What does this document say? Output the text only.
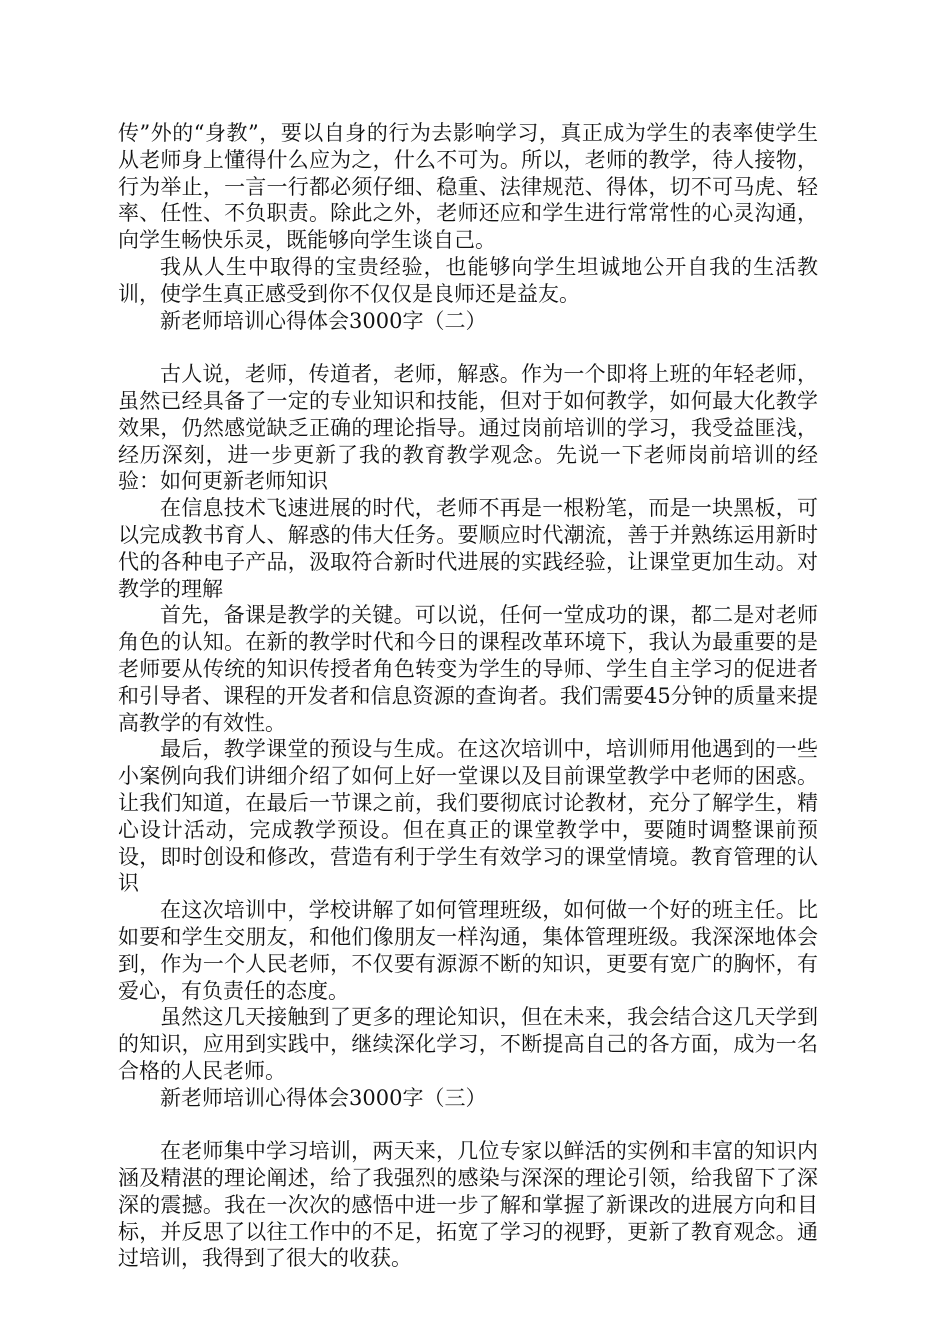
传”外的“身教”，要以自身的行为去影响学习，真正成为学生的表率使学生从老师身上懂得什么应为之，什么不可为。所以，老师的教学，待人接物，行为举止，一言一行都必须仔细、稳重、法律规范、得体，切不可马虎、轻率、任性、不负职责。除此之外，老师还应和学生进行常常性的心灵沟通，向学生畅快乐灵，既能够向学生谈自己。

我从人生中取得的宝贵经验，也能够向学生坦诚地公开自我的生活教训，使学生真正感受到你不仅仅是良师还是益友。

新老师培训心得体会3000字（二）

古人说，老师，传道者，老师，解惑。作为一个即将上班的年轻老师，虽然已经具备了一定的专业知识和技能，但对于如何教学，如何最大化教学效果，仍然感觉缺乏正确的理论指导。通过岗前培训的学习，我受益匪浅，经历深刻，进一步更新了我的教育教学观念。先说一下老师岗前培训的经验：如何更新老师知识

在信息技术飞速进展的时代，老师不再是一根粉笔，而是一块黑板，可以完成教书育人、解惑的伟大任务。要顺应时代潮流，善于并熟练运用新时代的各种电子产品，汲取符合新时代进展的实践经验，让课堂更加生动。对教学的理解

首先，备课是教学的关键。可以说，任何一堂成功的课，都二是对老师角色的认知。在新的教学时代和今日的课程改革环境下，我认为最重要的是老师要从传统的知识传授者角色转变为学生的导师、学生自主学习的促进者和引导者、课程的开发者和信息资源的查询者。我们需要45分钟的质量来提高教学的有效性。

最后，教学课堂的预设与生成。在这次培训中，培训师用他遇到的一些小案例向我们讲细介绍了如何上好一堂课以及目前课堂教学中老师的困惑。让我们知道，在最后一节课之前，我们要彻底讨论教材，充分了解学生，精心设计活动，完成教学预设。但在真正的课堂教学中，要随时调整课前预设，即时创设和修改，营造有利于学生有效学习的课堂情境。教育管理的认识

在这次培训中，学校讲解了如何管理班级，如何做一个好的班主任。比如要和学生交朋友，和他们像朋友一样沟通，集体管理班级。我深深地体会到，作为一个人民老师，不仅要有源源不断的知识，更要有宽广的胸怀，有爱心，有负责任的态度。

虽然这几天接触到了更多的理论知识，但在未来，我会结合这几天学到的知识，应用到实践中，继续深化学习，不断提高自己的各方面，成为一名合格的人民老师。

新老师培训心得体会3000字（三）

在老师集中学习培训，两天来，几位专家以鲜活的实例和丰富的知识内涵及精湛的理论阐述，给了我强烈的感染与深深的理论引领，给我留下了深深的震撼。我在一次次的感悟中进一步了解和掌握了新课改的进展方向和目标，并反思了以往工作中的不足，拓宽了学习的视野，更新了教育观念。通过培训，我得到了很大的收获。
